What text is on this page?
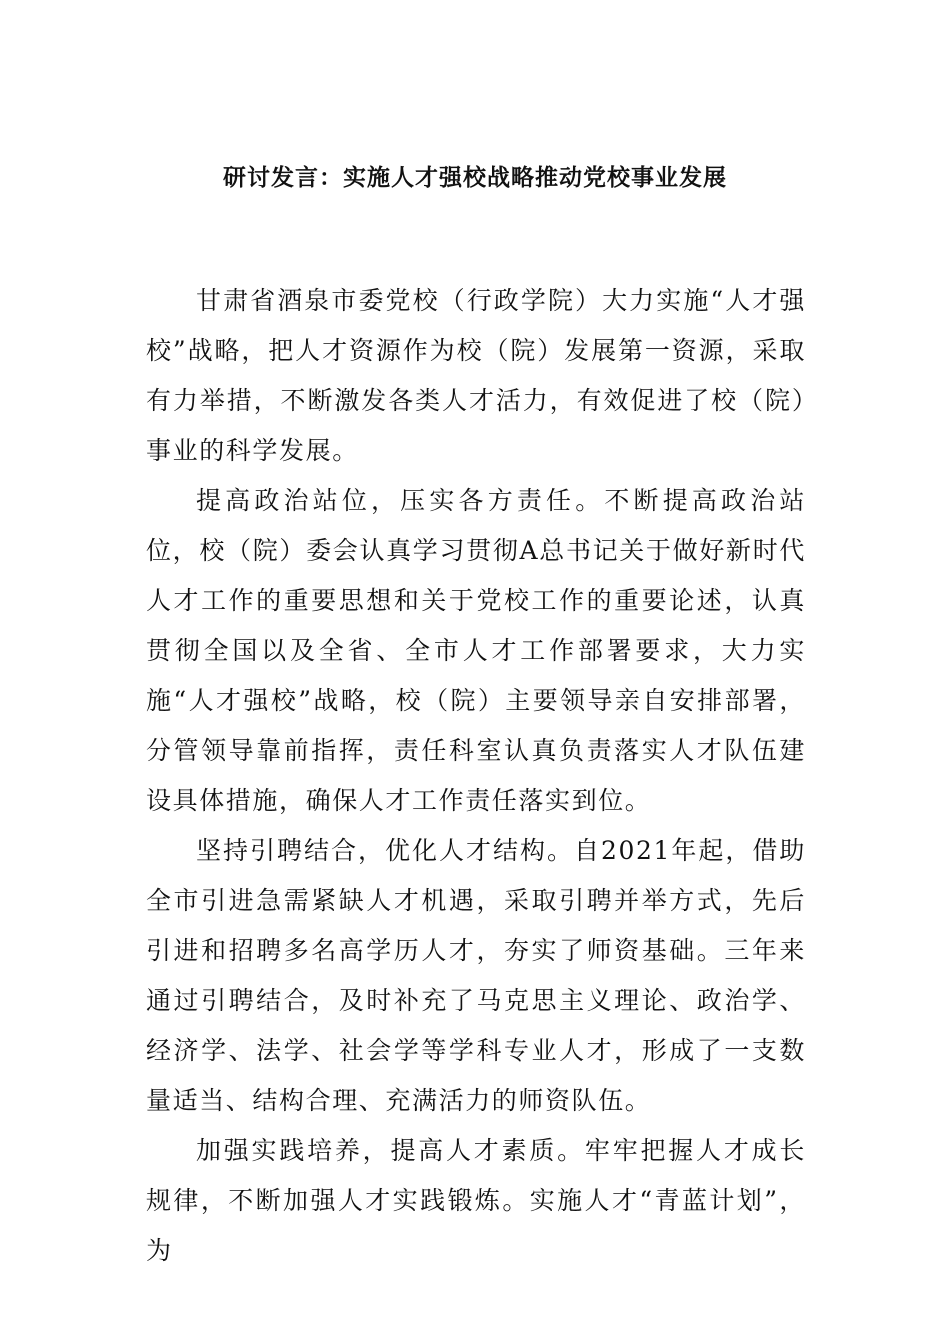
研讨发言：实施人才强校战略推动党校事业发展

甘肃省酒泉市委党校（行政学院）大力实施“人才强校”战略，把人才资源作为校（院）发展第一资源，采取有力举措，不断激发各类人才活力，有效促进了校（院）事业的科学发展。

提高政治站位，压实各方责任。不断提高政治站位，校（院）委会认真学习贯彻A总书记关于做好新时代人才工作的重要思想和关于党校工作的重要论述，认真贯彻全国以及全省、全市人才工作部署要求，大力实施“人才强校”战略，校（院）主要领导亲自安排部署，分管领导靠前指挥，责任科室认真负责落实人才队伍建设具体措施，确保人才工作责任落实到位。

坚持引聘结合，优化人才结构。自2021年起，借助全市引进急需紧缺人才机遇，采取引聘并举方式，先后引进和招聘多名高学历人才，夯实了师资基础。三年来通过引聘结合，及时补充了马克思主义理论、政治学、经济学、法学、社会学等学科专业人才，形成了一支数量适当、结构合理、充满活力的师资队伍。

加强实践培养，提高人才素质。牢牢把握人才成长规律，不断加强人才实践锻炼。实施人才“青蓝计划”，为
